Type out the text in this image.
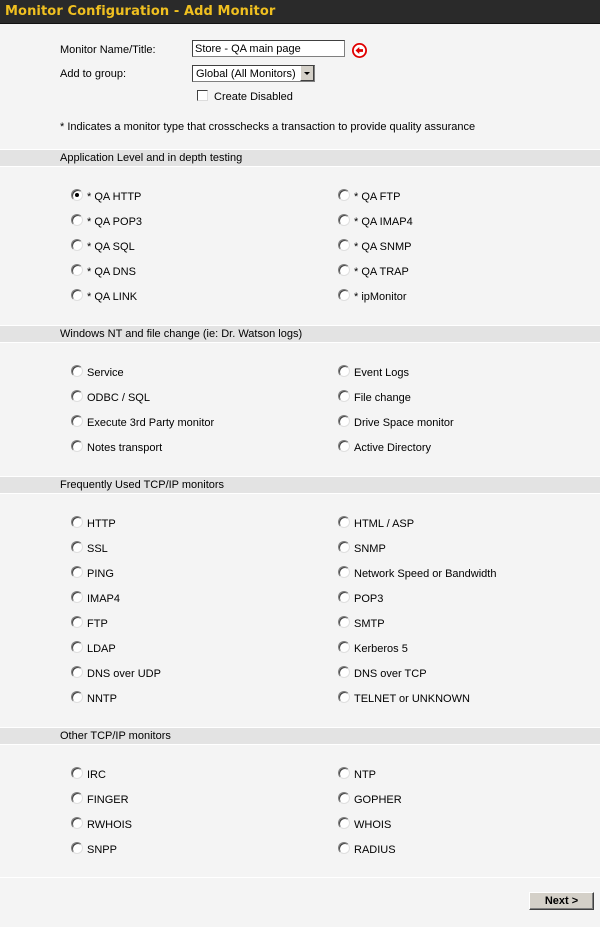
Monitor Configuration - Add Monitor
Monitor Name/Title:
Store - QA main page
Add to group:	Global (All Monitors)
Create Disabled
* Indicates a monitor type that crosschecks a transaction to provide quality assurance
Application Level and in depth testing
* QA HTTP
* QA POP3
* QA SQL
* QA DNS
* QA LINK
* QA FTP
* QA IMAP4
* QA SNMP
* QA TRAP
* ipMonitor
Windows NT and file change (ie: Dr. Watson logs)
Service
ODBC / SQL
Execute 3rd Party monitor
Notes transport
Event Logs
File change
Drive Space monitor
Active Directory
Frequently Used TCP/IP monitors
HTTP
SSL
PING
IMAP4
FTP
LDAP
DNS over UDP
NNTP
HTML / ASP
SNMP
Network Speed or Bandwidth
POP3
SMTP
Kerberos 5
DNS over TCP
TELNET or UNKNOWN
Other TCP/IP monitors
IRC
FINGER
RWHOIS
SNPP
NTP
GOPHER
WHOIS
RADIUS
Next >
